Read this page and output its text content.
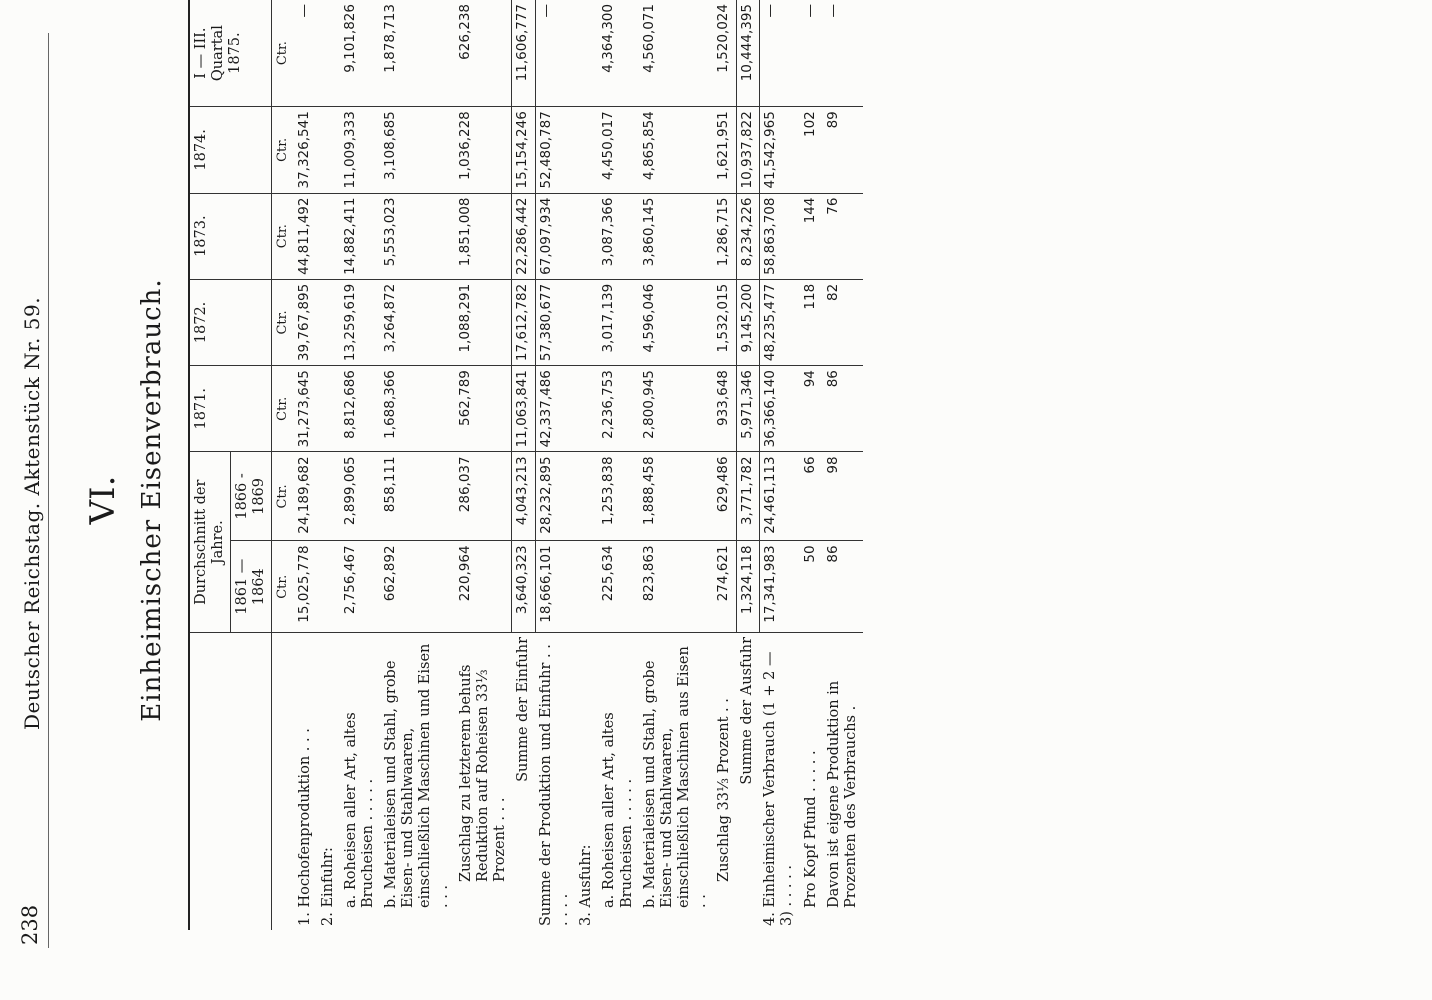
238
Deutscher Reichstag. Aktenstück Nr. 59. VI. Einheimischer Eisenverbrauch.
	Durchschnitt der Jahre.		1871.	1872.	1873.	1874.	I — III. Quartal 1875.
	1861 — 1864	1866 - 1869					
	Ctr.	Ctr.	Ctr.	Ctr.	Ctr.	Ctr.	Ctr.
1. Hochofenproduktion . . .	15,025,778	24,189,682	31,273,645	39,767,895	44,811,492	37,326,541	—
2. Einfuhr:							
a. Roheisen aller Art, altes Brucheisen . . . . .	2,756,467	2,899,065	8,812,686	13,259,619	14,882,411	11,009,333	9,101,826
b. Materialeisen und Stahl, grobe Eisen- und Stahlwaaren, einschließlich Maschinen und Eisen . . .	662,892	858,111	1,688,366	3,264,872	5,553,023	3,108,685	1,878,713
Zuschlag zu letzterem behufs Reduktion auf Roheisen 33⅓ Prozent . . .	220,964	286,037	562,789	1,088,291	1,851,008	1,036,228	626,238
Summe der Einfuhr	3,640,323	4,043,213	11,063,841	17,612,782	22,286,442	15,154,246	11,606,777
Summe der Produktion und Einfuhr . . . . . .	18,666,101	28,232,895	42,337,486	57,380,677	67,097,934	52,480,787	—
3. Ausfuhr:							
a. Roheisen aller Art, altes Brucheisen . . . . .	225,634	1,253,838	2,236,753	3,017,139	3,087,366	4,450,017	4,364,300
b. Materialeisen und Stahl, grobe Eisen- und Stahlwaaren, einschließlich Maschinen aus Eisen . .	823,863	1,888,458	2,800,945	4,596,046	3,860,145	4,865,854	4,560,071
Zuschlag 33⅓ Prozent . .	274,621	629,486	933,648	1,532,015	1,286,715	1,621,951	1,520,024
Summe der Ausfuhr	1,324,118	3,771,782	5,971,346	9,145,200	8,234,226	10,937,822	10,444,395
4. Einheimischer Verbrauch (1 + 2 — 3) . . . . .	17,341,983	24,461,113	36,366,140	48,235,477	58,863,708	41,542,965	—
Pro Kopf Pfund . . . . .	50	66	94	118	144	102	—
Davon ist eigene Produktion in Prozenten des Verbrauchs .	86	98	86	82	76	89	—
